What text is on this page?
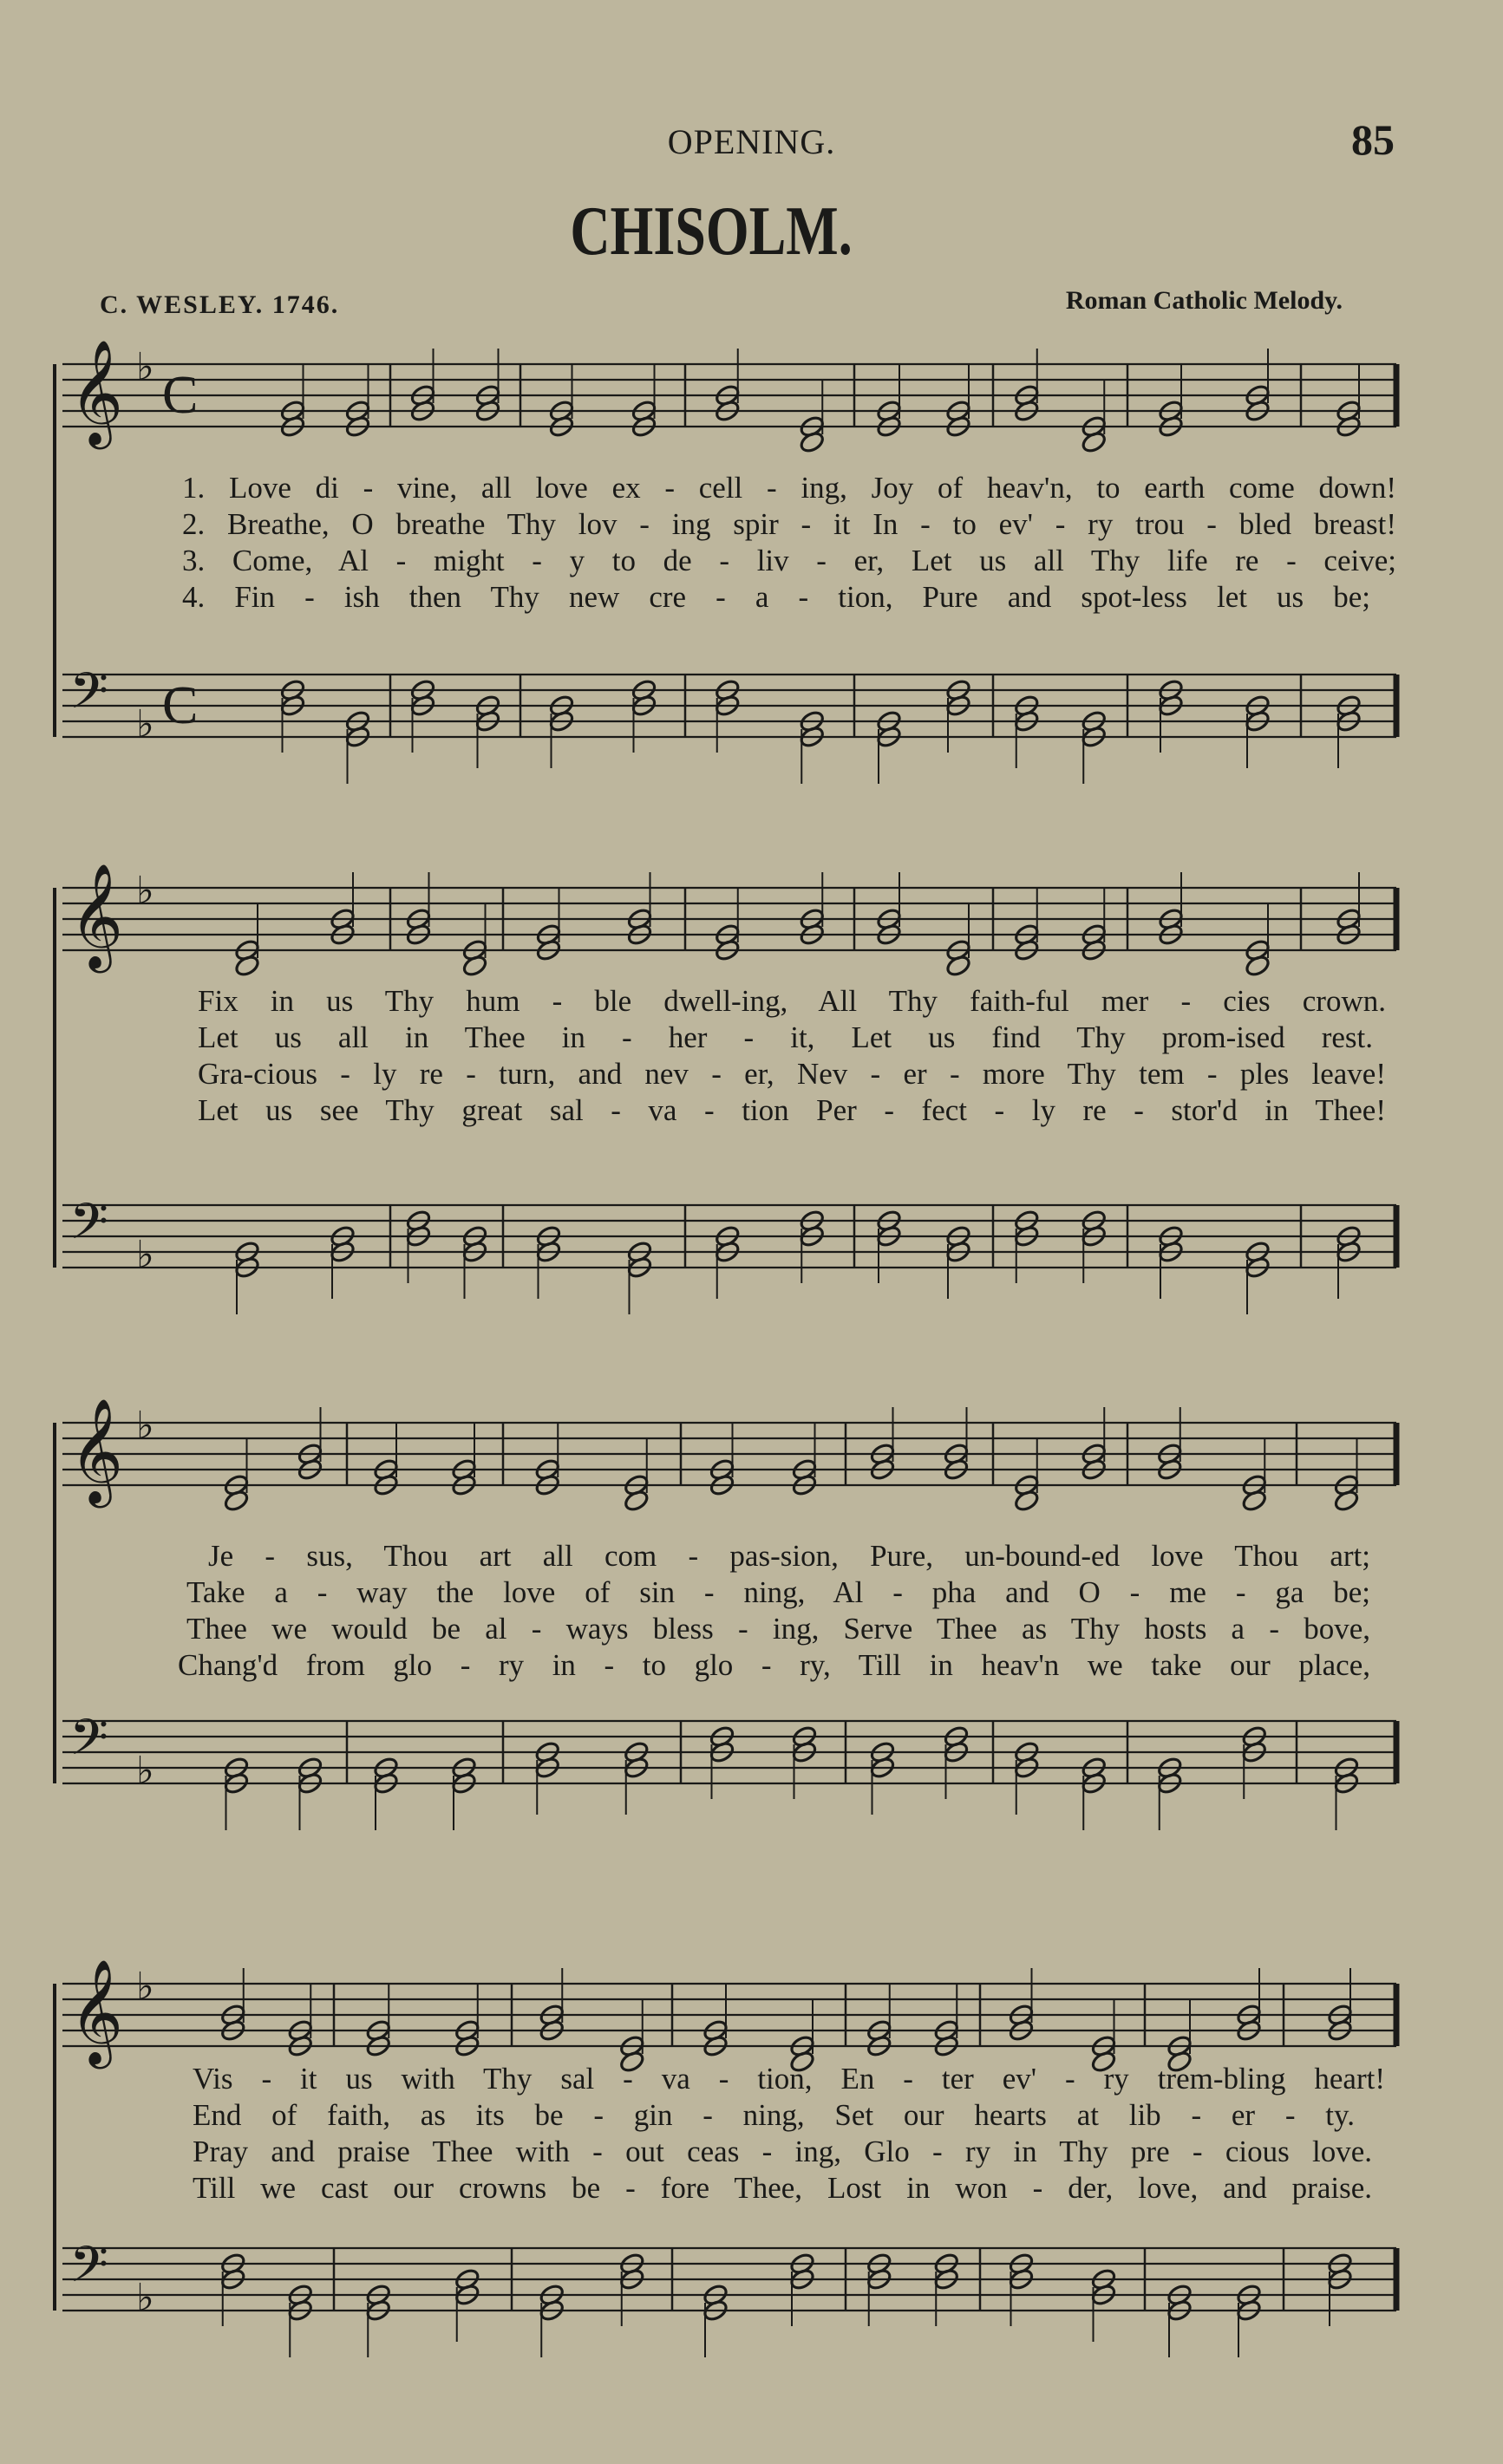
OPENING.	85
CHISOLM.
C. WESLEY. 1746.	Roman Catholic Melody.
𝄞 ♭ C
𝄢 ♭ C
𝄞 ♭
𝄢 ♭
𝄞 ♭
𝄢 ♭
𝄞 ♭
𝄢 ♭
1. Love di - vine, all love ex - cell - ing, Joy of heav'n, to earth come down!
2. Breathe, O breathe Thy lov - ing spir - it In - to ev' - ry trou - bled breast!
3. Come, Al - might - y to de - liv - er, Let us all Thy life re - ceive;
4. Fin - ish then Thy new cre - a - tion, Pure and spot-less let us be;
Fix in us Thy hum - ble dwell-ing, All Thy faith-ful mer - cies crown.
Let us all in Thee in - her - it, Let us find Thy prom-ised rest.
Gra-cious - ly re - turn, and nev - er, Nev - er - more Thy tem - ples leave!
Let us see Thy great sal - va - tion Per - fect - ly re - stor'd in Thee!
Je - sus, Thou art all com - pas-sion, Pure, un-bound-ed love Thou art;
Take a - way the love of sin - ning, Al - pha and O - me - ga be;
Thee we would be al - ways bless - ing, Serve Thee as Thy hosts a - bove,
Chang'd from glo - ry in - to glo - ry, Till in heav'n we take our place,
Vis - it us with Thy sal - va - tion, En - ter ev' - ry trem-bling heart!
End of faith, as its be - gin - ning, Set our hearts at lib - er - ty.
Pray and praise Thee with - out ceas - ing, Glo - ry in Thy pre - cious love.
Till we cast our crowns be - fore Thee, Lost in won - der, love, and praise.
